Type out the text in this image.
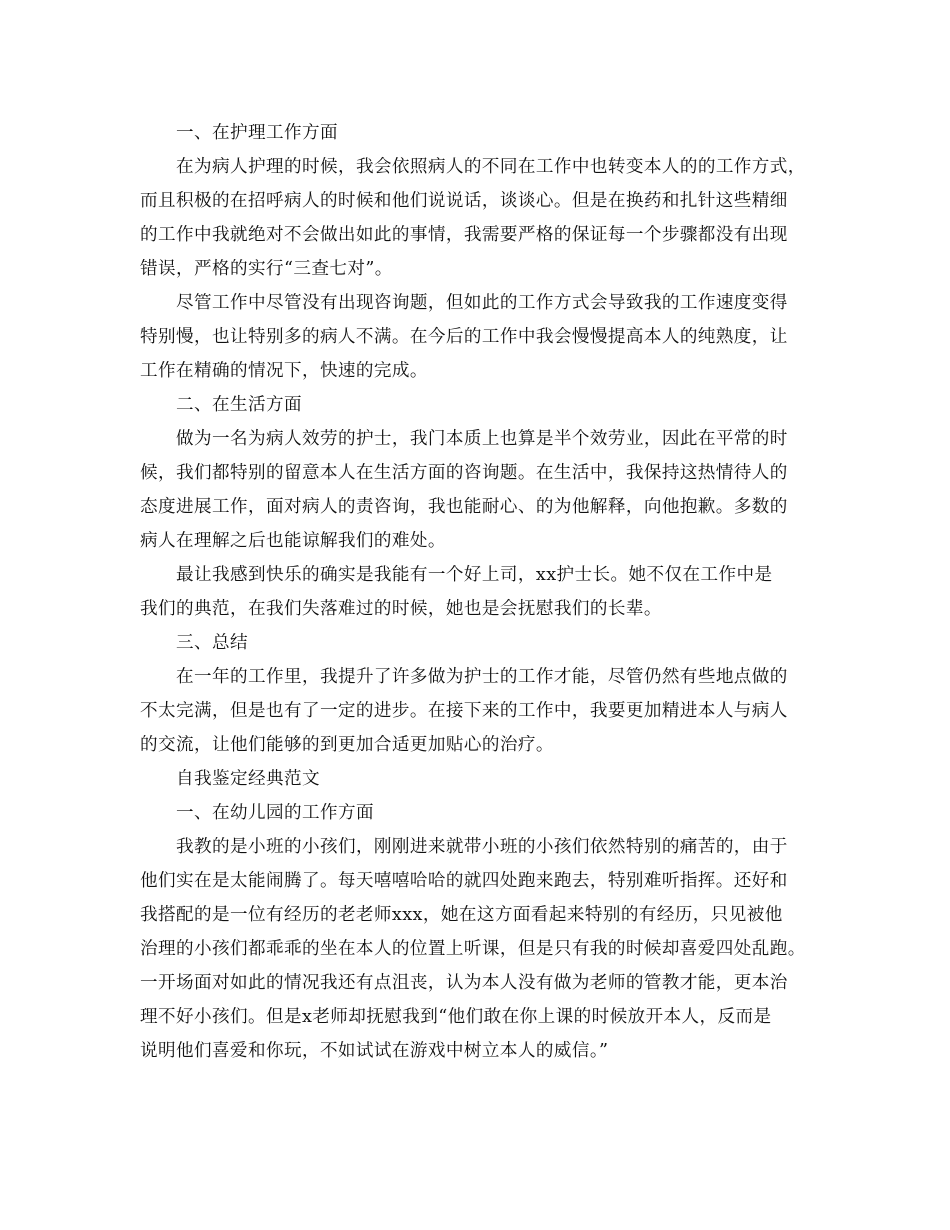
一、在护理工作方面
在为病人护理的时候，我会依照病人的不同在工作中也转变本人的的工作方式，
而且积极的在招呼病人的时候和他们说说话，谈谈心。但是在换药和扎针这些精细
的工作中我就绝对不会做出如此的事情，我需要严格的保证每一个步骤都没有出现
错误，严格的实行“三查七对”。
尽管工作中尽管没有出现咨询题，但如此的工作方式会导致我的工作速度变得
特别慢，也让特别多的病人不满。在今后的工作中我会慢慢提高本人的纯熟度，让
工作在精确的情况下，快速的完成。
二、在生活方面
做为一名为病人效劳的护士，我门本质上也算是半个效劳业，因此在平常的时
候，我们都特别的留意本人在生活方面的咨询题。在生活中，我保持这热情待人的
态度进展工作，面对病人的责咨询，我也能耐心、的为他解释，向他抱歉。多数的
病人在理解之后也能谅解我们的难处。
最让我感到快乐的确实是我能有一个好上司，xx护士长。她不仅在工作中是
我们的典范，在我们失落难过的时候，她也是会抚慰我们的长辈。
三、总结
在一年的工作里，我提升了许多做为护士的工作才能，尽管仍然有些地点做的
不太完满，但是也有了一定的进步。在接下来的工作中，我要更加精进本人与病人
的交流，让他们能够的到更加合适更加贴心的治疗。
自我鉴定经典范文
一、在幼儿园的工作方面
我教的是小班的小孩们，刚刚进来就带小班的小孩们依然特别的痛苦的，由于
他们实在是太能闹腾了。每天嘻嘻哈哈的就四处跑来跑去，特别难听指挥。还好和
我搭配的是一位有经历的老老师xxx，她在这方面看起来特别的有经历，只见被他
治理的小孩们都乖乖的坐在本人的位置上听课，但是只有我的时候却喜爱四处乱跑。
一开场面对如此的情况我还有点沮丧，认为本人没有做为老师的管教才能，更本治
理不好小孩们。但是x老师却抚慰我到“他们敢在你上课的时候放开本人，反而是
说明他们喜爱和你玩，不如试试在游戏中树立本人的威信。”
